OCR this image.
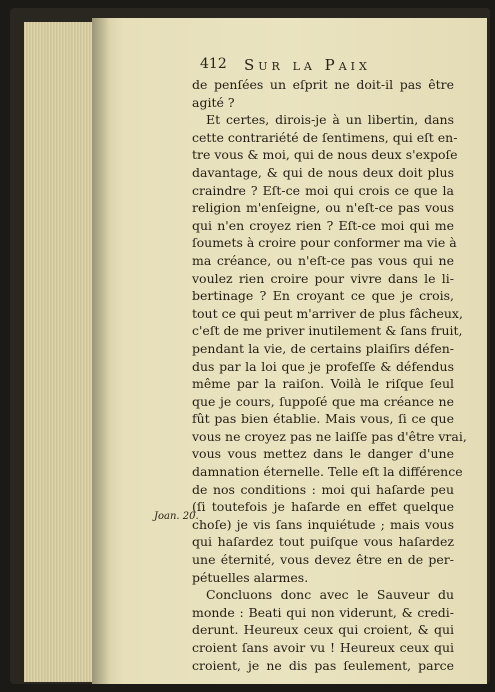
412 Sur la Paix
Joan. 20.
de penſées un eſprit ne doit-il pas être
agité ?
Et certes, dirois-je à un libertin, dans
cette contrariété de ſentimens, qui eſt en-
tre vous & moi, qui de nous deux s'expoſe
davantage, & qui de nous deux doit plus
craindre ? Eſt-ce moi qui crois ce que la
religion m'enſeigne, ou n'eſt-ce pas vous
qui n'en croyez rien ? Eſt-ce moi qui me
ſoumets à croire pour conformer ma vie à
ma créance, ou n'eſt-ce pas vous qui ne
voulez rien croire pour vivre dans le li-
bertinage ? En croyant ce que je crois,
tout ce qui peut m'arriver de plus fâcheux,
c'eſt de me priver inutilement & ſans fruit,
pendant la vie, de certains plaiſirs défen-
dus par la loi que je profeſſe & défendus
même par la raiſon. Voilà le riſque ſeul
que je cours, ſuppoſé que ma créance ne
fût pas bien établie. Mais vous, ſi ce que
vous ne croyez pas ne laiſſe pas d'être vrai,
vous vous mettez dans le danger d'une
damnation éternelle. Telle eſt la différence
de nos conditions : moi qui haſarde peu
(ſi toutefois je haſarde en effet quelque
choſe) je vis ſans inquiétude ; mais vous
qui haſardez tout puiſque vous haſardez
une éternité, vous devez être en de per-
pétuelles alarmes.
Concluons donc avec le Sauveur du
monde : Beati qui non viderunt, & credi-
derunt. Heureux ceux qui croient, & qui
croient ſans avoir vu ! Heureux ceux qui
croient, je ne dis pas ſeulement, parce
